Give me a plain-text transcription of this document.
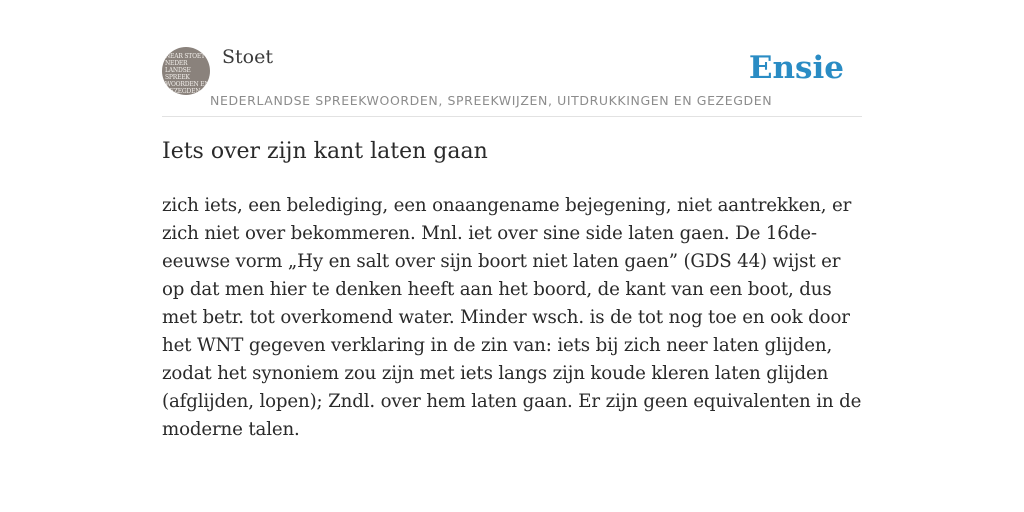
NEAR STOET
NEDER
LANDSE
SPREEK
WOORDEN EN
GEZEGDEN
Stoet
NEDERLANDSE SPREEKWOORDEN, SPREEKWIJZEN, UITDRUKKINGEN EN GEZEGDEN
Ensie
Iets over zijn kant laten gaan

zich iets, een belediging, een onaangename bejegening, niet aantrekken, er zich niet over bekommeren. Mnl. iet over sine side laten gaen. De 16de-eeuwse vorm „Hy en salt over sijn boort niet laten gaen” (GDS 44) wijst er op dat men hier te denken heeft aan het boord, de kant van een boot, dus met betr. tot overkomend water. Minder wsch. is de tot nog toe en ook door het WNT gegeven verklaring in de zin van: iets bij zich neer laten glijden, zodat het synoniem zou zijn met iets langs zijn koude kleren laten glijden (afglijden, lopen); Zndl. over hem laten gaan. Er zijn geen equivalenten in de moderne talen.
